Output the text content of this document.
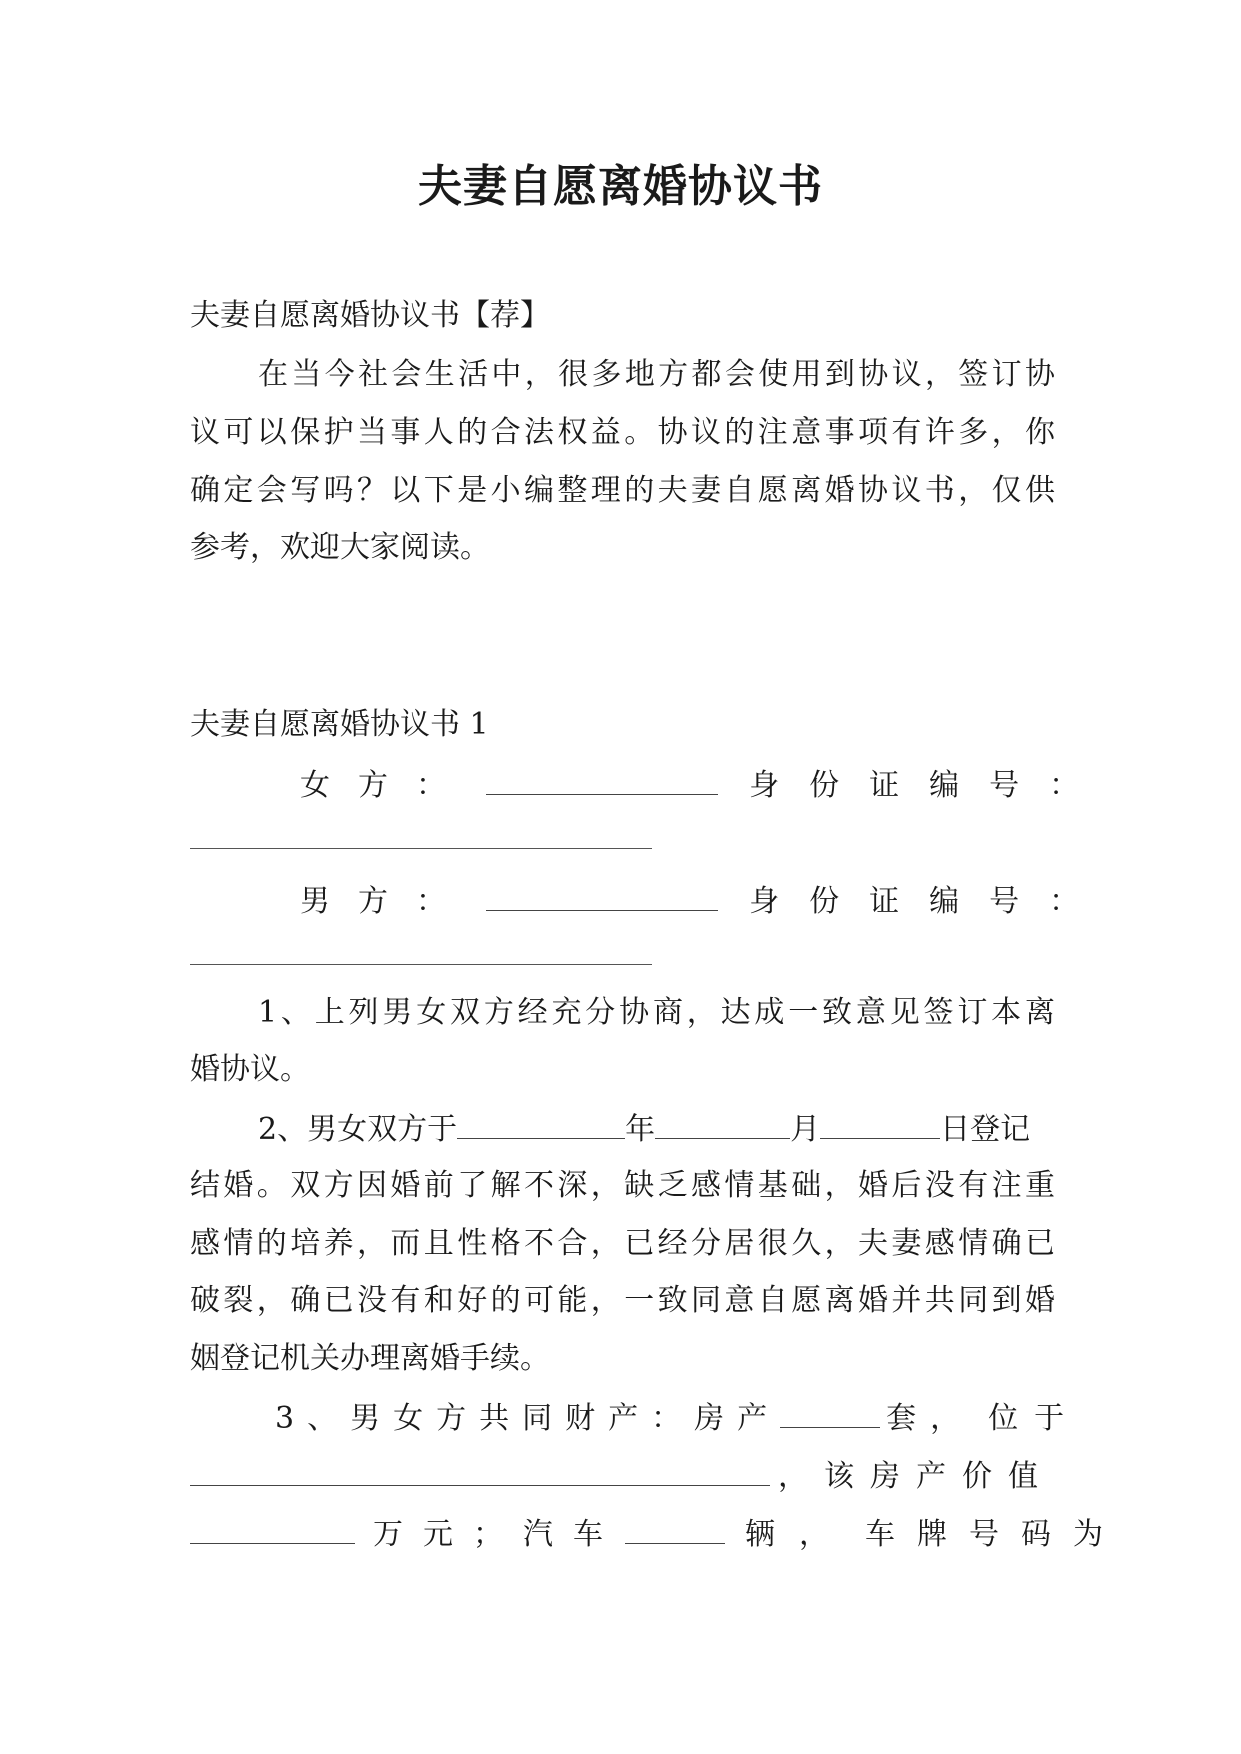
夫妻自愿离婚协议书
夫妻自愿离婚协议书【荐】
在当今社会生活中，很多地方都会使用到协议，签订协
议可以保护当事人的合法权益。协议的注意事项有许多，你
确定会写吗？以下是小编整理的夫妻自愿离婚协议书，仅供
参考，欢迎大家阅读。
夫妻自愿离婚协议书 1
女方：	身份证编号：
男方：	身份证编号：
1、上列男女双方经充分协商，达成一致意见签订本离
婚协议。
2、男女双方于	年	月	日登记
结婚。双方因婚前了解不深，缺乏感情基础，婚后没有注重
感情的培养，而且性格不合，已经分居很久，夫妻感情确已
破裂，确已没有和好的可能，一致同意自愿离婚并共同到婚
姻登记机关办理离婚手续。
3、男女方共同财产：房产	套， 位于
，该房产价值
万元；汽车	辆， 车牌号码为
